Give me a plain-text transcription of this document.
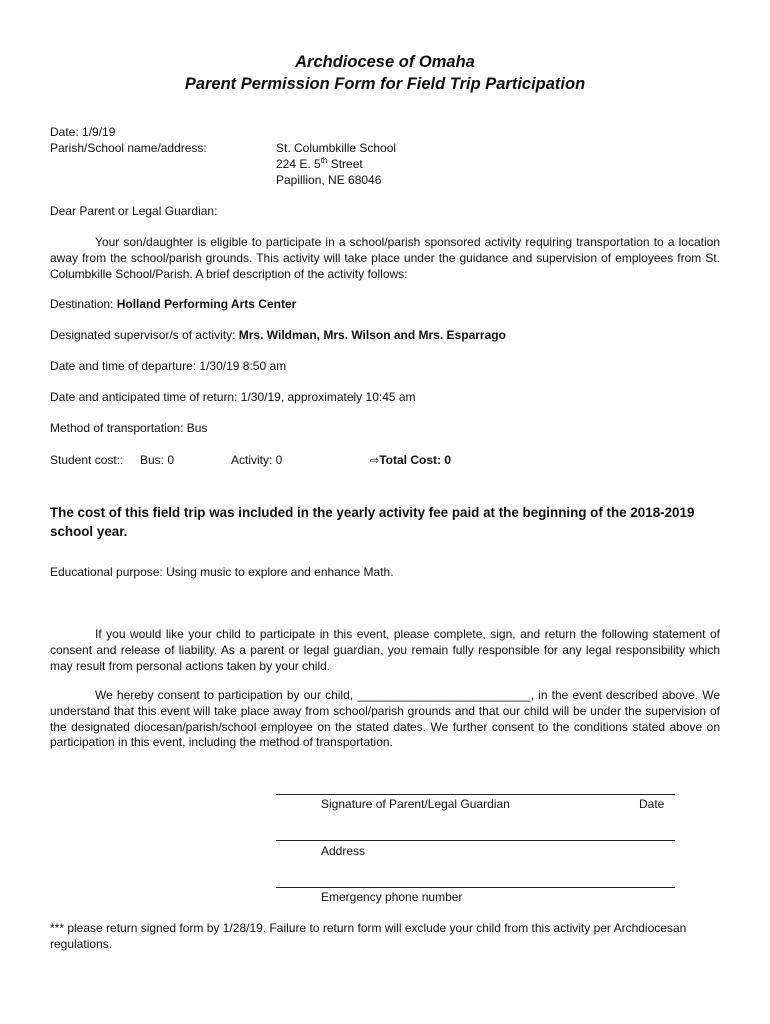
Archdiocese of Omaha
Parent Permission Form for Field Trip Participation
Date: 1/9/19
Parish/School name/address:	St. Columbkille School
224 E. 5th Street
Papillion, NE 68046
Dear Parent or Legal Guardian:
Your son/daughter is eligible to participate in a school/parish sponsored activity requiring transportation to a location away from the school/parish grounds. This activity will take place under the guidance and supervision of employees from St. Columbkille School/Parish. A brief description of the activity follows:
Destination: Holland Performing Arts Center
Designated supervisor/s of activity: Mrs. Wildman, Mrs. Wilson and Mrs. Esparrago
Date and time of departure: 1/30/19 8:50 am
Date and anticipated time of return: 1/30/19, approximately 10:45 am
Method of transportation: Bus
Student cost:: Bus: 0	Activity: 0	⇨Total Cost: 0
The cost of this field trip was included in the yearly activity fee paid at the beginning of the 2018-2019 school year.
Educational purpose: Using music to explore and enhance Math.
If you would like your child to participate in this event, please complete, sign, and return the following statement of consent and release of liability. As a parent or legal guardian, you remain fully responsible for any legal responsibility which may result from personal actions taken by your child.
We hereby consent to participation by our child, __________________________, in the event described above. We understand that this event will take place away from school/parish grounds and that our child will be under the supervision of the designated diocesan/parish/school employee on the stated dates. We further consent to the conditions stated above on participation in this event, including the method of transportation.
Signature of Parent/Legal Guardian	Date
Address
Emergency phone number
*** please return signed form by 1/28/19. Failure to return form will exclude your child from this activity per Archdiocesan regulations.
